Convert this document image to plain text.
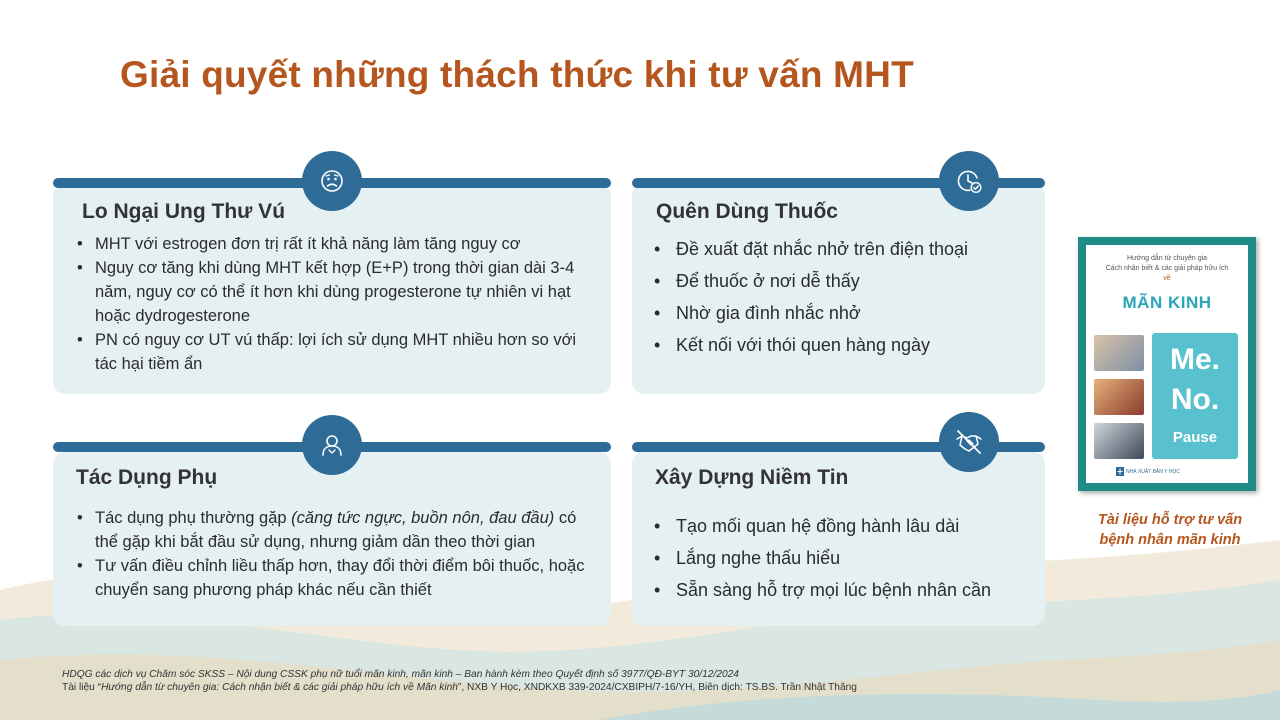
Giải quyết những thách thức khi tư vấn MHT
Lo Ngại Ung Thư Vú
• MHT với estrogen đơn trị rất ít khả năng làm tăng nguy cơ
• Nguy cơ tăng khi dùng MHT kết hợp (E+P) trong thời gian dài 3-4 năm, nguy cơ có thể ít hơn khi dùng progesterone tự nhiên vi hạt hoặc dydrogesterone
• PN có nguy cơ UT vú thấp: lợi ích sử dụng MHT nhiều hơn so với tác hại tiềm ẩn
Quên Dùng Thuốc
• Đề xuất đặt nhắc nhở trên điện thoại
• Để thuốc ở nơi dễ thấy
• Nhờ gia đình nhắc nhở
• Kết nối với thói quen hàng ngày
Tác Dụng Phụ
• Tác dụng phụ thường gặp (căng tức ngực, buồn nôn, đau đầu) có thể gặp khi bắt đầu sử dụng, nhưng giảm dần theo thời gian
• Tư vấn điều chỉnh liều thấp hơn, thay đổi thời điểm bôi thuốc, hoặc chuyển sang phương pháp khác nếu cần thiết
Xây Dựng Niềm Tin
• Tạo mối quan hệ đồng hành lâu dài
• Lắng nghe thấu hiểu
• Sẵn sàng hỗ trợ mọi lúc bệnh nhân cần
Hướng dẫn từ chuyên gia
Cách nhận biết & các giải pháp hữu ích
về
MÃN KINH
Me.
No.
Pause
NHÀ XUẤT BẢN Y HỌC
Tài liệu hỗ trợ tư vấn bệnh nhân mãn kinh
HDQG các dịch vụ Chăm sóc SKSS – Nội dung CSSK phụ nữ tuổi mãn kinh, mãn kinh – Ban hành kèm theo Quyết định số 3977/QĐ-BYT 30/12/2024
Tài liệu “Hướng dẫn từ chuyên gia: Cách nhận biết & các giải pháp hữu ích về Mãn kinh”, NXB Y Học, XNDKXB 339-2024/CXBIPH/7-16/YH, Biên dịch: TS.BS. Trần Nhật Thăng
